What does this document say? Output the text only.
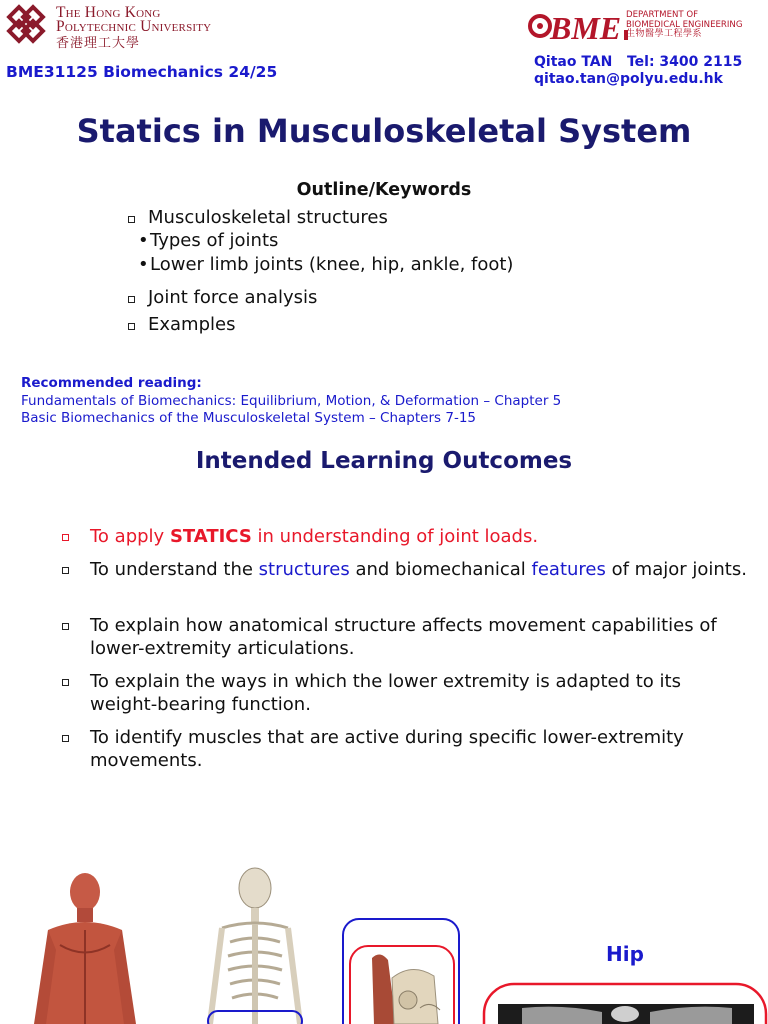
The Hong Kong
Polytechnic University
香港理工大學
BME31125 Biomechanics 24/25
BME DEPARTMENT OF
BIOMEDICAL ENGINEERING
生物醫學工程學系
Qitao TAN   Tel: 3400 2115
qitao.tan@polyu.edu.hk
Statics in Musculoskeletal System
Outline/Keywords
Musculoskeletal structures
•Types of joints
•Lower limb joints (knee, hip, ankle, foot)
Joint force analysis
Examples
Recommended reading:
Fundamentals of Biomechanics: Equilibrium, Motion, & Deformation – Chapter 5
Basic Biomechanics of the Musculoskeletal System – Chapters 7-15
Intended Learning Outcomes
To apply STATICS in understanding of joint loads.
To understand the structures and biomechanical features of major joints.
To explain how anatomical structure affects movement capabilities of lower-extremity articulations.
To explain the ways in which the lower extremity is adapted to its weight-bearing function.
To identify muscles that are active during specific lower-extremity movements.
Hip
